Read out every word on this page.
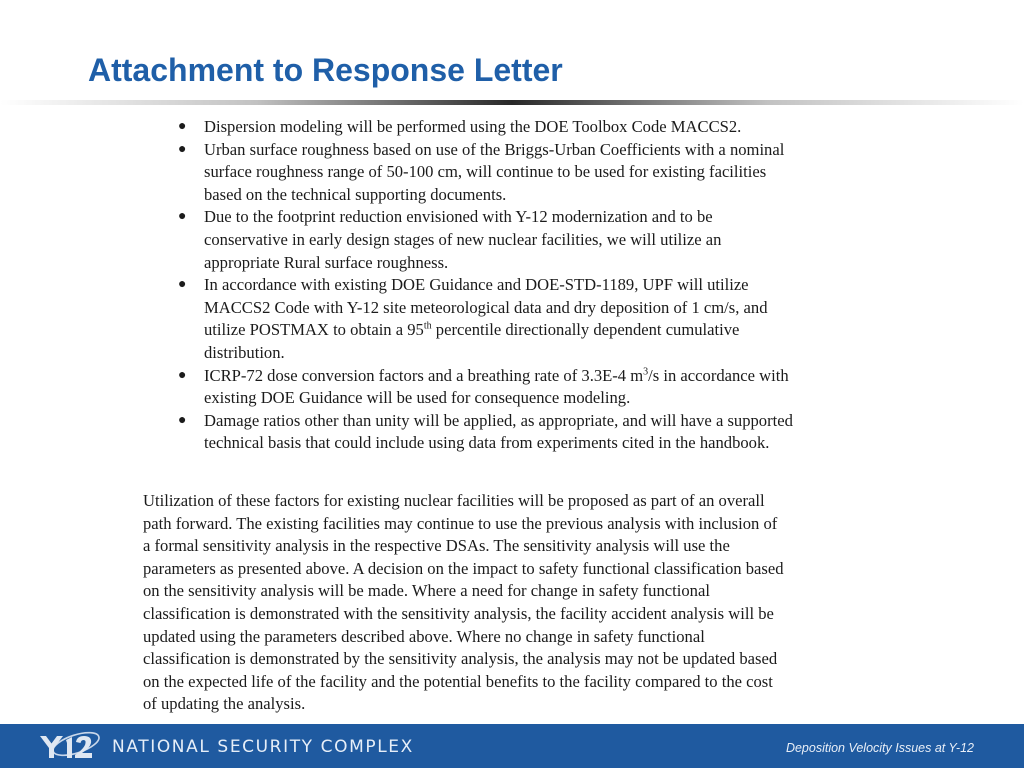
Attachment to Response Letter
● Dispersion modeling will be performed using the DOE Toolbox Code MACCS2.
● Urban surface roughness based on use of the Briggs-Urban Coefficients with a nominal
surface roughness range of 50-100 cm, will continue to be used for existing facilities
based on the technical supporting documents.
● Due to the footprint reduction envisioned with Y-12 modernization and to be
conservative in early design stages of new nuclear facilities, we will utilize an
appropriate Rural surface roughness.
● In accordance with existing DOE Guidance and DOE-STD-1189, UPF will utilize
MACCS2 Code with Y-12 site meteorological data and dry deposition of 1 cm/s, and
utilize POSTMAX to obtain a 95th percentile directionally dependent cumulative
distribution.
● ICRP-72 dose conversion factors and a breathing rate of 3.3E-4 $m^3/s$ in accordance with
existing DOE Guidance will be used for consequence modeling.
● Damage ratios other than unity will be applied, as appropriate, and will have a supported
technical basis that could include using data from experiments cited in the handbook.

Utilization of these factors for existing nuclear facilities will be proposed as part of an overall
path forward. The existing facilities may continue to use the previous analysis with inclusion of
a formal sensitivity analysis in the respective DSAs. The sensitivity analysis will use the
parameters as presented above. A decision on the impact to safety functional classification based
on the sensitivity analysis will be made. Where a need for change in safety functional
classification is demonstrated with the sensitivity analysis, the facility accident analysis will be
updated using the parameters described above. Where no change in safety functional
classification is demonstrated by the sensitivity analysis, the analysis may not be updated based
on the expected life of the facility and the potential benefits to the facility compared to the cost
of updating the analysis.

NATIONAL SECURITY COMPLEX	Deposition Velocity Issues at Y-12
